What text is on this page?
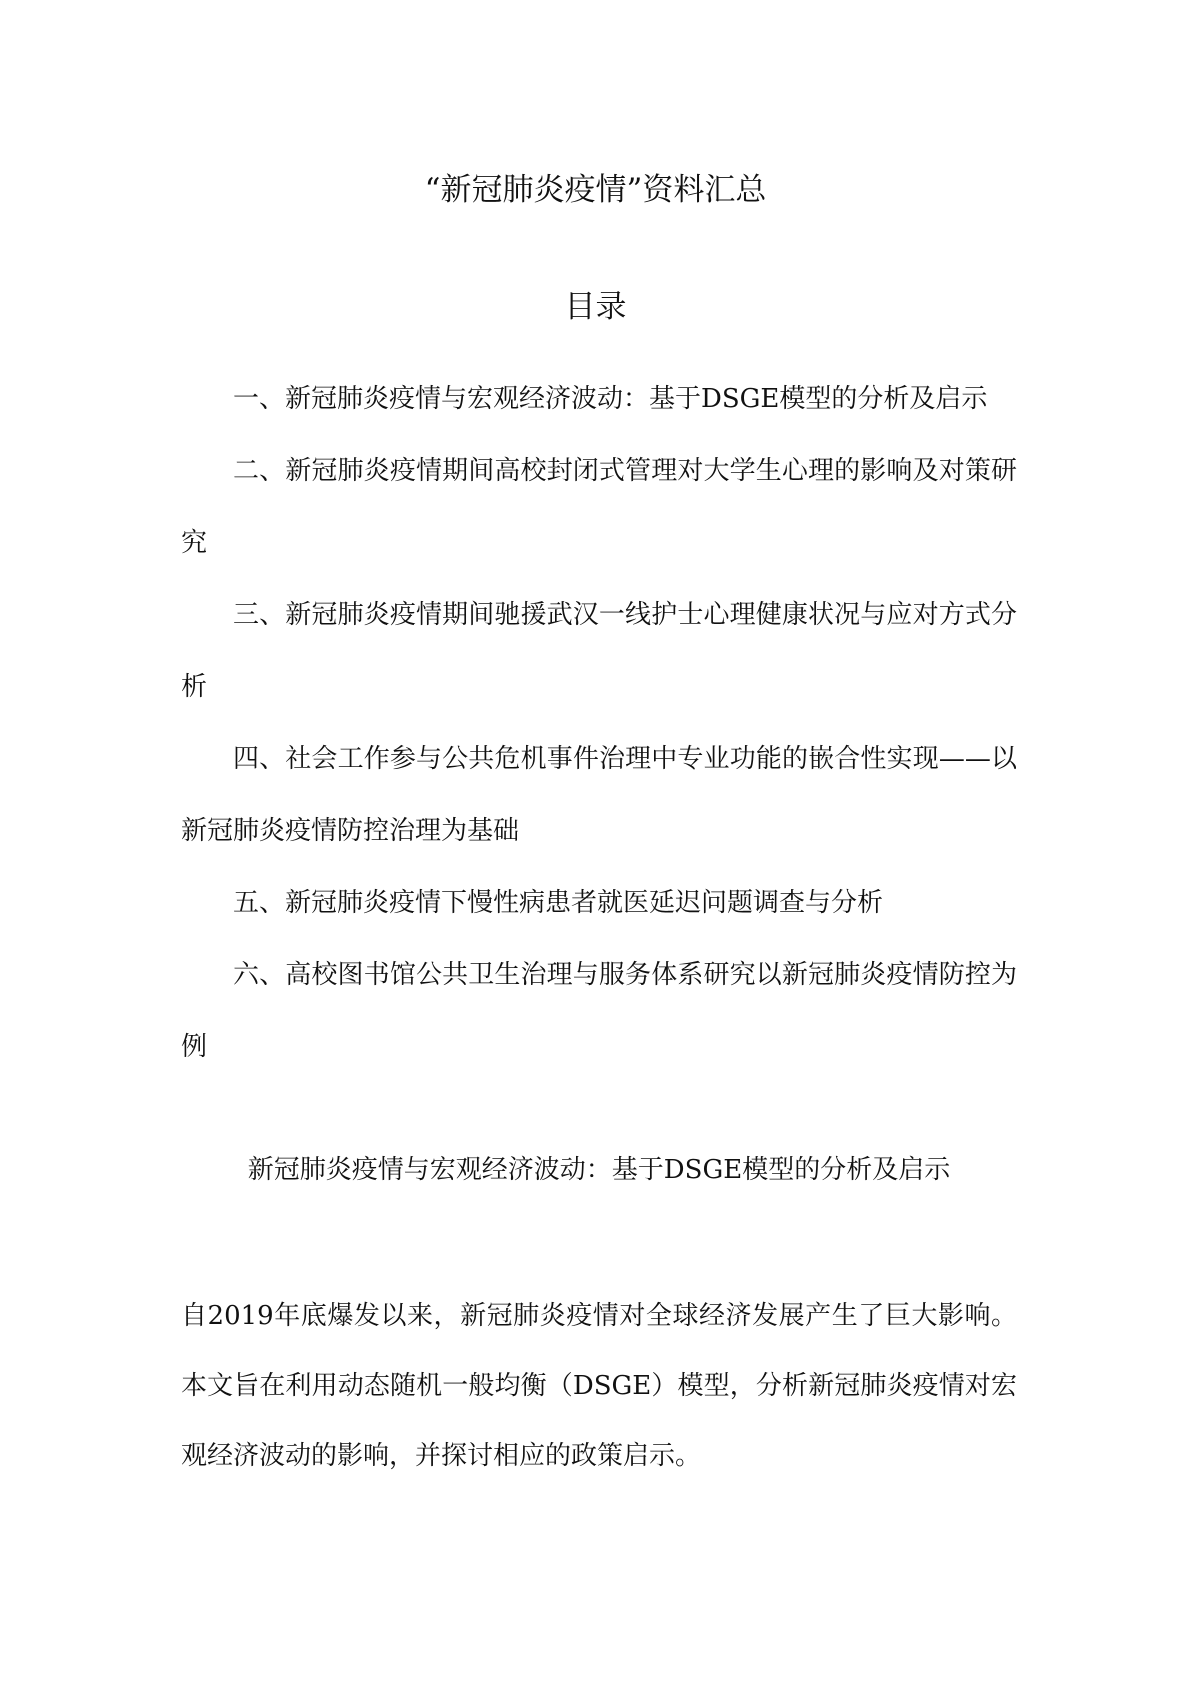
“新冠肺炎疫情”资料汇总
目录
一、新冠肺炎疫情与宏观经济波动：基于DSGE模型的分析及启示
二、新冠肺炎疫情期间高校封闭式管理对大学生心理的影响及对策研究
三、新冠肺炎疫情期间驰援武汉一线护士心理健康状况与应对方式分析
四、社会工作参与公共危机事件治理中专业功能的嵌合性实现——以新冠肺炎疫情防控治理为基础
五、新冠肺炎疫情下慢性病患者就医延迟问题调查与分析
六、高校图书馆公共卫生治理与服务体系研究以新冠肺炎疫情防控为例
新冠肺炎疫情与宏观经济波动：基于DSGE模型的分析及启示

自2019年底爆发以来，新冠肺炎疫情对全球经济发展产生了巨大影响。本文旨在利用动态随机一般均衡（DSGE）模型，分析新冠肺炎疫情对宏观经济波动的影响，并探讨相应的政策启示。
